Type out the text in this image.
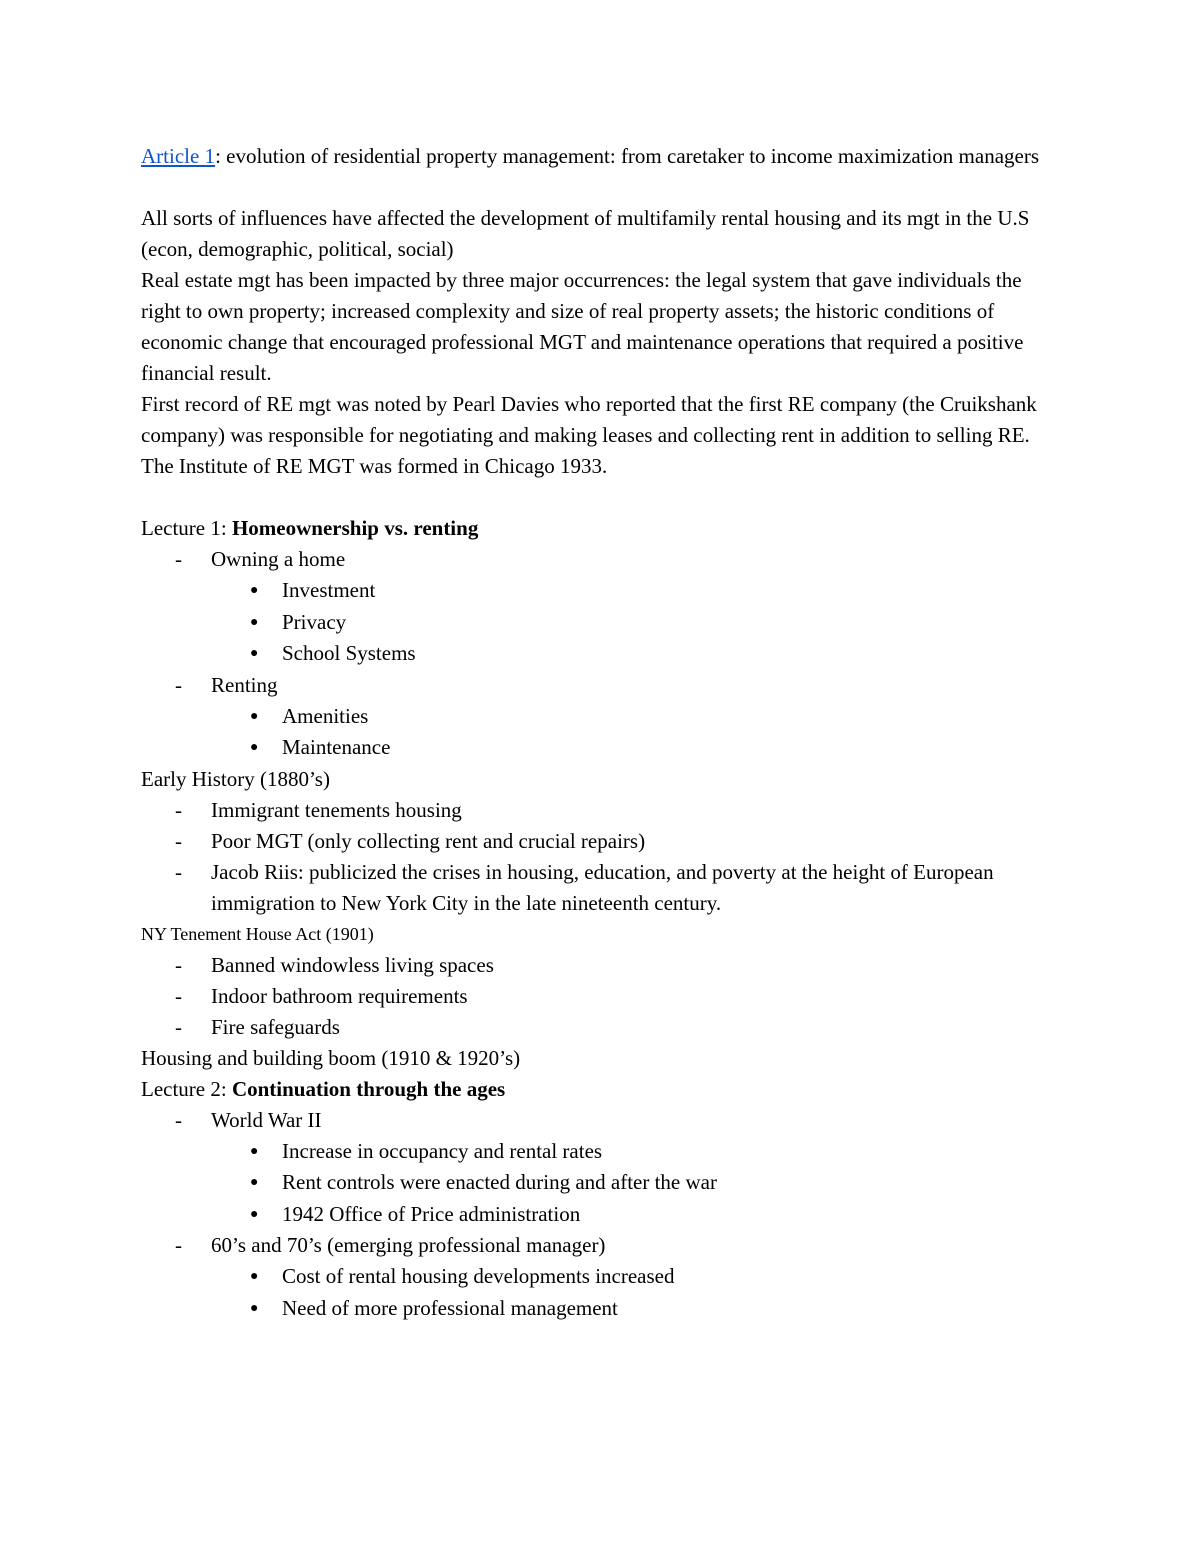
Article 1: evolution of residential property management: from caretaker to income maximization managers

All sorts of influences have affected the development of multifamily rental housing and its mgt in the U.S (econ, demographic, political, social)

Real estate mgt has been impacted by three major occurrences: the legal system that gave individuals the right to own property; increased complexity and size of real property assets; the historic conditions of economic change that encouraged professional MGT and maintenance operations that required a positive financial result.

First record of RE mgt was noted by Pearl Davies who reported that the first RE company (the Cruikshank company) was responsible for negotiating and making leases and collecting rent in addition to selling RE.

The Institute of RE MGT was formed in Chicago 1933.

Lecture 1: Homeownership vs. renting

- Owning a home
● Investment
● Privacy
● School Systems
- Renting
● Amenities
● Maintenance

Early History (1880’s)

- Immigrant tenements housing
- Poor MGT (only collecting rent and crucial repairs)
- Jacob Riis: publicized the crises in housing, education, and poverty at the height of European immigration to New York City in the late nineteenth century.

NY Tenement House Act (1901)

- Banned windowless living spaces
- Indoor bathroom requirements
- Fire safeguards

Housing and building boom (1910 & 1920’s)

Lecture 2: Continuation through the ages

- World War II
● Increase in occupancy and rental rates
● Rent controls were enacted during and after the war
● 1942 Office of Price administration
- 60’s and 70’s (emerging professional manager)
● Cost of rental housing developments increased
● Need of more professional management
